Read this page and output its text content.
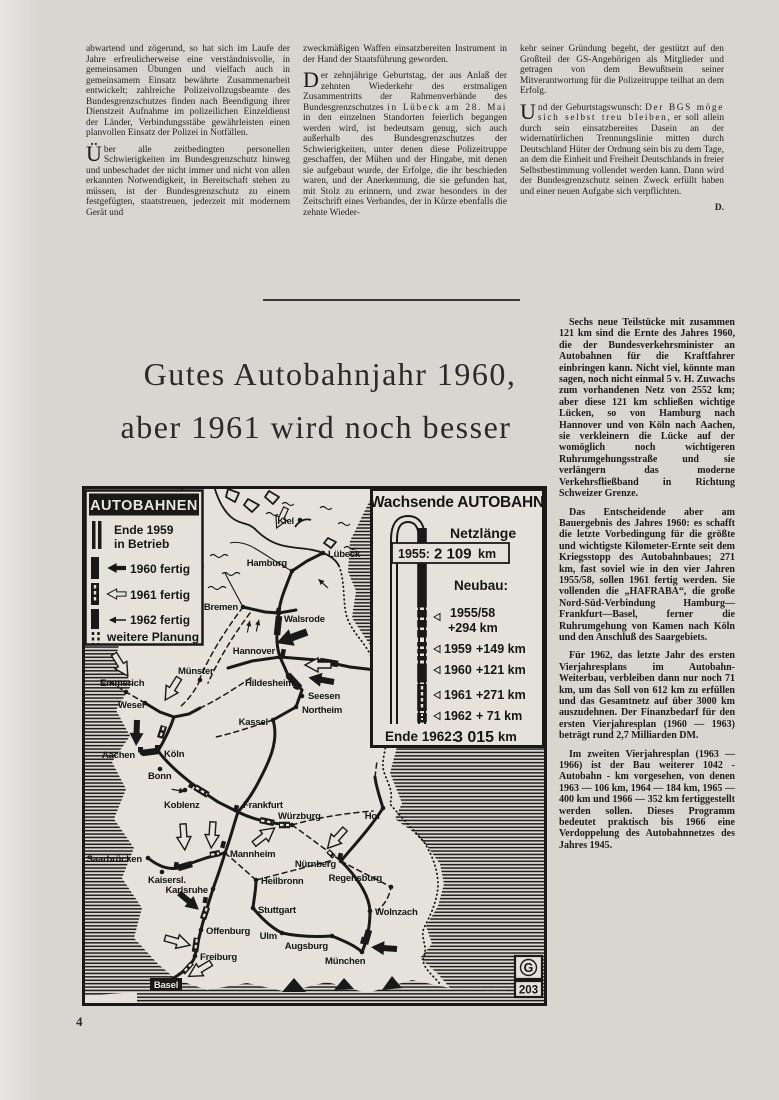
abwartend und zögerund, so hat sich im Laufe der Jahre erfreulicherweise eine verständnisvolle, in gemeinsamen Übungen und vielfach auch in gemeinsamem Einsatz bewährte Zusammenarbeit entwickelt; zahlreiche Polizeivollzugsbeamte des Bundesgrenzschutzes finden nach Beendigung ihrer Dienstzeit Aufnahme im polizeilichen Einzeldienst der Länder, Verbindungsstäbe gewährleisten einen planvollen Einsatz der Polizei in Notfällen.

Über alle zeitbedingten personellen Schwierigkeiten im Bundesgrenzschutz hinweg und unbeschadet der nicht immer und nicht von allen erkannten Notwendigkeit, in Bereitschaft stehen zu müssen, ist der Bundesgrenzschutz zu einem festgefügten, staatstreuen, jederzeit mit modernem Gerät und

zweckmäßigen Waffen einsatzbereiten Instrument in der Hand der Staatsführung geworden.

Der zehnjährige Geburtstag, der aus Anlaß der zehnten Wiederkehr des erstmaligen Zusammentritts der Rahmenverbände des Bundesgrenzschutzes in Lübeck am 28. Mai in den einzelnen Standorten feierlich begangen werden wird, ist bedeutsam genug, sich auch außerhalb des Bundesgrenzschutzes der Schwierigkeiten, unter denen diese Polizeitruppe geschaffen, der Mühen und der Hingabe, mit denen sie aufgebaut wurde, der Erfolge, die ihr beschieden waren, und der Anerkennung, die sie gefunden hat, mit Stolz zu erinnern, und zwar besonders in der Zeitschrift eines Verbandes, der in Kürze ebenfalls die zehnte Wieder-

kehr seiner Gründung begeht, der gestützt auf den Großteil der GS-Angehörigen als Mitglieder und getragen von dem Bewußtsein seiner Mitverantwortung für die Polizeitruppe teilhat an dem Erfolg.

Und der Geburtstagswunsch: Der BGS möge sich selbst treu bleiben, er soll allein durch sein einsatzbereites Dasein an der widernatürlichen Trennungslinie mitten durch Deutschland Hüter der Ordnung sein bis zu dem Tage, an dem die Einheit und Freiheit Deutschlands in freier Selbstbestimmung vollendet werden kann. Dann wird der Bundesgrenzschutz seinen Zweck erfüllt haben und einer neuen Aufgabe sich verpflichten.

D.

Gutes Autobahnjahr 1960,
aber 1961 wird noch besser

Sechs neue Teilstücke mit zusammen 121 km sind die Ernte des Jahres 1960, die der Bundesverkehrsminister an Autobahnen für die Kraftfahrer einbringen kann. Nicht viel, könnte man sagen, noch nicht einmal 5 v. H. Zuwachs zum vorhandenen Netz von 2552 km; aber diese 121 km schließen wichtige Lücken, so von Hamburg nach Hannover und von Köln nach Aachen, sie verkleinern die Lücke auf der womöglich noch wichtigeren Ruhrumgehungsstraße und sie verlängern das moderne Verkehrsfließband in Richtung Schweizer Grenze.

Das Entscheidende aber am Bauergebnis des Jahres 1960: es schafft die letzte Vorbedingung für die größte und wichtigste Kilometer-Ernte seit dem Kriegsstopp des Autobahnbaues; 271 km, fast soviel wie in den vier Jahren 1955/58, sollen 1961 fertig werden. Sie vollenden die „HAFRABA“, die große Nord-Süd-Verbindung Hamburg—Frankfurt—Basel, ferner die Ruhrumgehung von Kamen nach Köln und den Anschluß des Saargebiets.

Für 1962, das letzte Jahr des ersten Vierjahresplans im Autobahn-Weiterbau, verbleiben dann nur noch 71 km, um das Soll von 612 km zu erfüllen und das Gesamtnetz auf über 3000 km auszudehnen. Der Finanzbedarf für den ersten Vierjahresplan (1960 — 1963) beträgt rund 2,7 Milliarden DM.

Im zweiten Vierjahresplan (1963 — 1966) ist der Bau weiterer 1042 - Autobahn - km vorgesehen, von denen 1963 — 106 km, 1964 — 184 km, 1965 — 400 km und 1966 — 352 km fertiggestellt werden sollen. Dieses Programm bedeutet praktisch bis 1966 eine Verdoppelung des Autobahnnetzes des Jahres 1945.

Kiel
Lübeck
Hamburg
Bremen
Walsrode
Hannover
Münster
Hildesheim
Seesen
Northeim
Kassel
Emmerich
Wesel
Aachen	Köln
Bonn
Koblenz	Frankfurt
Würzburg	Hof
Saarbrücken
Kaisersl.
Mannheim
Heilbronn
Karlsruhe
Stuttgart
Offenburg Ulm
Augsburg
Freiburg
Wolnzach
Regensburg
Nürnberg
München
Basel
AUTOBAHNEN
Ende 1959
in Betrieb
1960 fertig
1961 fertig
1962 fertig
weitere Planung
Wachsende AUTOBAHN
Netzlänge
1955: 2 109 km
Neubau:
1955/58
+294 km
1959 +149 km
1960 +121 km
1961 +271 km
1962 + 71 km
Ende 1962:
3 015 km
G
203
4
